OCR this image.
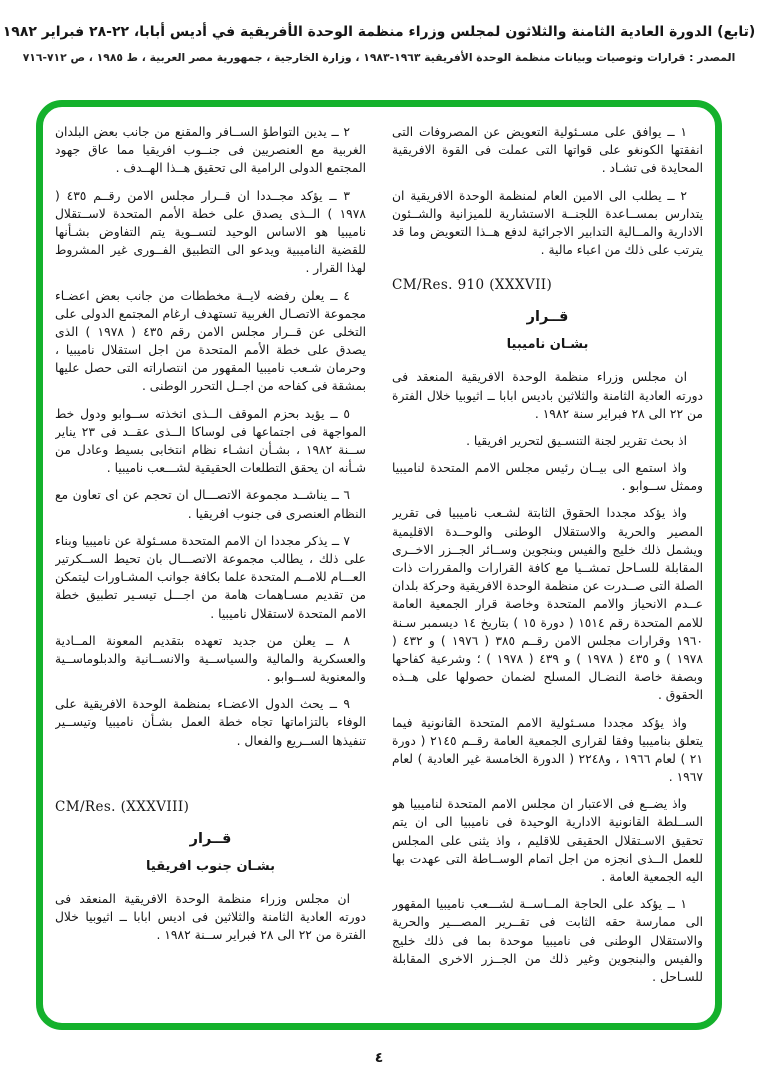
(تابع) الدورة العادية الثامنة والثلاثون لمجلس وزراء منظمة الوحدة الأفريقية في أديس أبابا، ٢٢-٢٨ فبراير ١٩٨٢
المصدر : قرارات وتوصيات وبيانات منظمة الوحدة الأفريقية ١٩٦٣-١٩٨٣ ، وزارة الخارجية ، جمهورية مصر العربية ، ط ١٩٨٥ ، ص ٧١٢-٧١٦
٢ ــ يدين التواطؤ الســافر والمقنع من جانب بعض البلدان الغربية مع العنصريين فى جنــوب افريقيا مما عاق جهود المجتمع الدولى الرامية الى تحقيق هــذا الهــدف .
٣ ــ يؤكد مجــددا ان قــرار مجلس الامن رقــم ٤٣٥ ( ١٩٧٨ ) الــذى يصدق على خطة الأمم المتحدة لاســتقلال ناميبيا هو الاساس الوحيد لتســوية يتم التفاوض بشـأنها للقضية الناميبية ويدعو الى التطبيق الفــورى غير المشروط لهذا القرار .
٤ ــ يعلن رفضه لايــة مخططات من جانب بعض اعضـاء مجموعة الاتصـال الغربية تستهدف ارغام المجتمع الدولى على التخلى عن قــرار مجلس الامن رقم ٤٣٥ ( ١٩٧٨ ) الذى يصدق على خطة الأمم المتحدة من اجل استقلال ناميبيا ، وحرمان شـعب ناميبيا المقهور من انتصاراته التى حصل عليها بمشقة فى كفاحه من اجــل التحرر الوطنى .
٥ ــ يؤيد بحزم الموقف الــذى اتخذته ســوابو ودول خط المواجهة فى اجتماعها فى لوساكا الــذى عقــد فى ٢٣ يناير ســنة ١٩٨٢ ، بشـأن انشـاء نظام انتخابى بسيط وعادل من شـأنه ان يحقق التطلعات الحقيقية لشـــعب ناميبيا .
٦ ــ يناشــد مجموعة الاتصـــال ان تحجم عن اى تعاون مع النظام العنصرى فى جنوب افريقيا .
٧ ــ يذكر مجددا ان الامم المتحدة مسـئولة عن ناميبيا وبناء على ذلك ، يطالب مجموعة الاتصـــال بان تحيط الســكرتير العـــام للامــم المتحدة علما بكافة جوانب المشـاورات ليتمكن من تقديم مسـاهمات هامة من اجـــل تيسـير تطبيق خطة الامم المتحدة لاستقلال ناميبيا .
٨ ــ يعلن من جديد تعهده بتقديم المعونة المــادية والعسكرية والمالية والسياســية والانســانية والدبلوماســية والمعنوية لســوابو .
٩ ــ يحث الدول الاعضـاء بمنظمة الوحدة الافريقية على الوفاء بالتزاماتها تجاه خطة العمل بشـأن ناميبيا وتيســير تنفيذها الســريع والفعال .
CM/Res. (XXXVIII)
قــرار
بشـان جنوب افريقيا
ان مجلس وزراء منظمة الوحدة الافريقية المنعقد فى دورته العادية الثامنة والثلاثين فى اديس ابابا ــ اثيوبيا خلال الفترة من ٢٢ الى ٢٨ فبراير ســنة ١٩٨٢ .
١ ــ يوافق على مسـئولية التعويض عن المصروفات التى انفقتها الكونغو على قواتها التى عملت فى القوة الافريقية المحايدة فى تشـاد .
٢ ــ يطلب الى الامين العام لمنظمة الوحدة الافريقية ان يتدارس بمســاعدة اللجنــة الاستشارية للميزانية والشــئون الادارية والمــالية التدابير الاجرائية لدفع هــذا التعويض وما قد يترتب على ذلك من اعباء مالية .
CM/Res. 910 (XXXVII)
قــرار
بشـان ناميبيا
ان مجلس وزراء منظمة الوحدة الافريقية المنعقد فى دورته العادية الثامنة والثلاثين باديس ابابا ــ اثيوبيا خلال الفترة من ٢٢ الى ٢٨ فبراير سنة ١٩٨٢ .
اذ بحث تقرير لجنة التنسـيق لتحرير افريقيا .
واذ استمع الى بيــان رئيس مجلس الامم المتحدة لناميبيا وممثل ســوابو .
واذ يؤكد مجددا الحقوق الثابتة لشـعب ناميبيا فى تقرير المصير والحرية والاستقلال الوطنى والوحــدة الاقليمية ويشمل ذلك خليج والفيس وبنجوين وســائر الجــزر الاخــرى المقابلة للسـاحل تمشــيا مع كافة القرارات والمقررات ذات الصلة التى صــدرت عن منظمة الوحدة الافريقية وحركة بلدان عــدم الانحياز والامم المتحدة وخاصة قرار الجمعية العامة للامم المتحدة رقم ١٥١٤ ( دورة ١٥ ) بتاريخ ١٤ ديسمبر سـنة ١٩٦٠ وقرارات مجلس الامن رقــم ٣٨٥ ( ١٩٧٦ ) و ٤٣٢ ( ١٩٧٨ ) و ٤٣٥ ( ١٩٧٨ ) و ٤٣٩ ( ١٩٧٨ ) ؛ وشرعية كفاحها وبصفة خاصة النضـال المسلح لضمان حصولها على هــذه الحقوق .
واذ يؤكد مجددا مسـئولية الامم المتحدة القانونية فيما يتعلق بناميبيا وفقا لقرارى الجمعية العامة رقــم ٢١٤٥ ( دورة ٢١ ) لعام ١٩٦٦ ، و٢٢٤٨ ( الدورة الخامسة غير العادية ) لعام ١٩٦٧ .
واذ يضــع فى الاعتبار ان مجلس الامم المتحدة لناميبيا هو الســلطة القانونية الادارية الوحيدة فى ناميبيا الى ان يتم تحقيق الاسـتقلال الحقيقى للاقليم ، واذ يثنى على المجلس للعمل الــذى انجزه من اجل اتمام الوســاطة التى عهدت بها اليه الجمعية العامة .
١ ــ يؤكد على الحاجة المــاســة لشـــعب ناميبيا المقهور الى ممارسة حقه الثابت فى تقــرير المصـــير والحرية والاستقلال الوطنى فى ناميبيا موحدة بما فى ذلك خليج والفيس والبنجوين وغير ذلك من الجــزر الاخرى المقابلة للسـاحل .
٤
